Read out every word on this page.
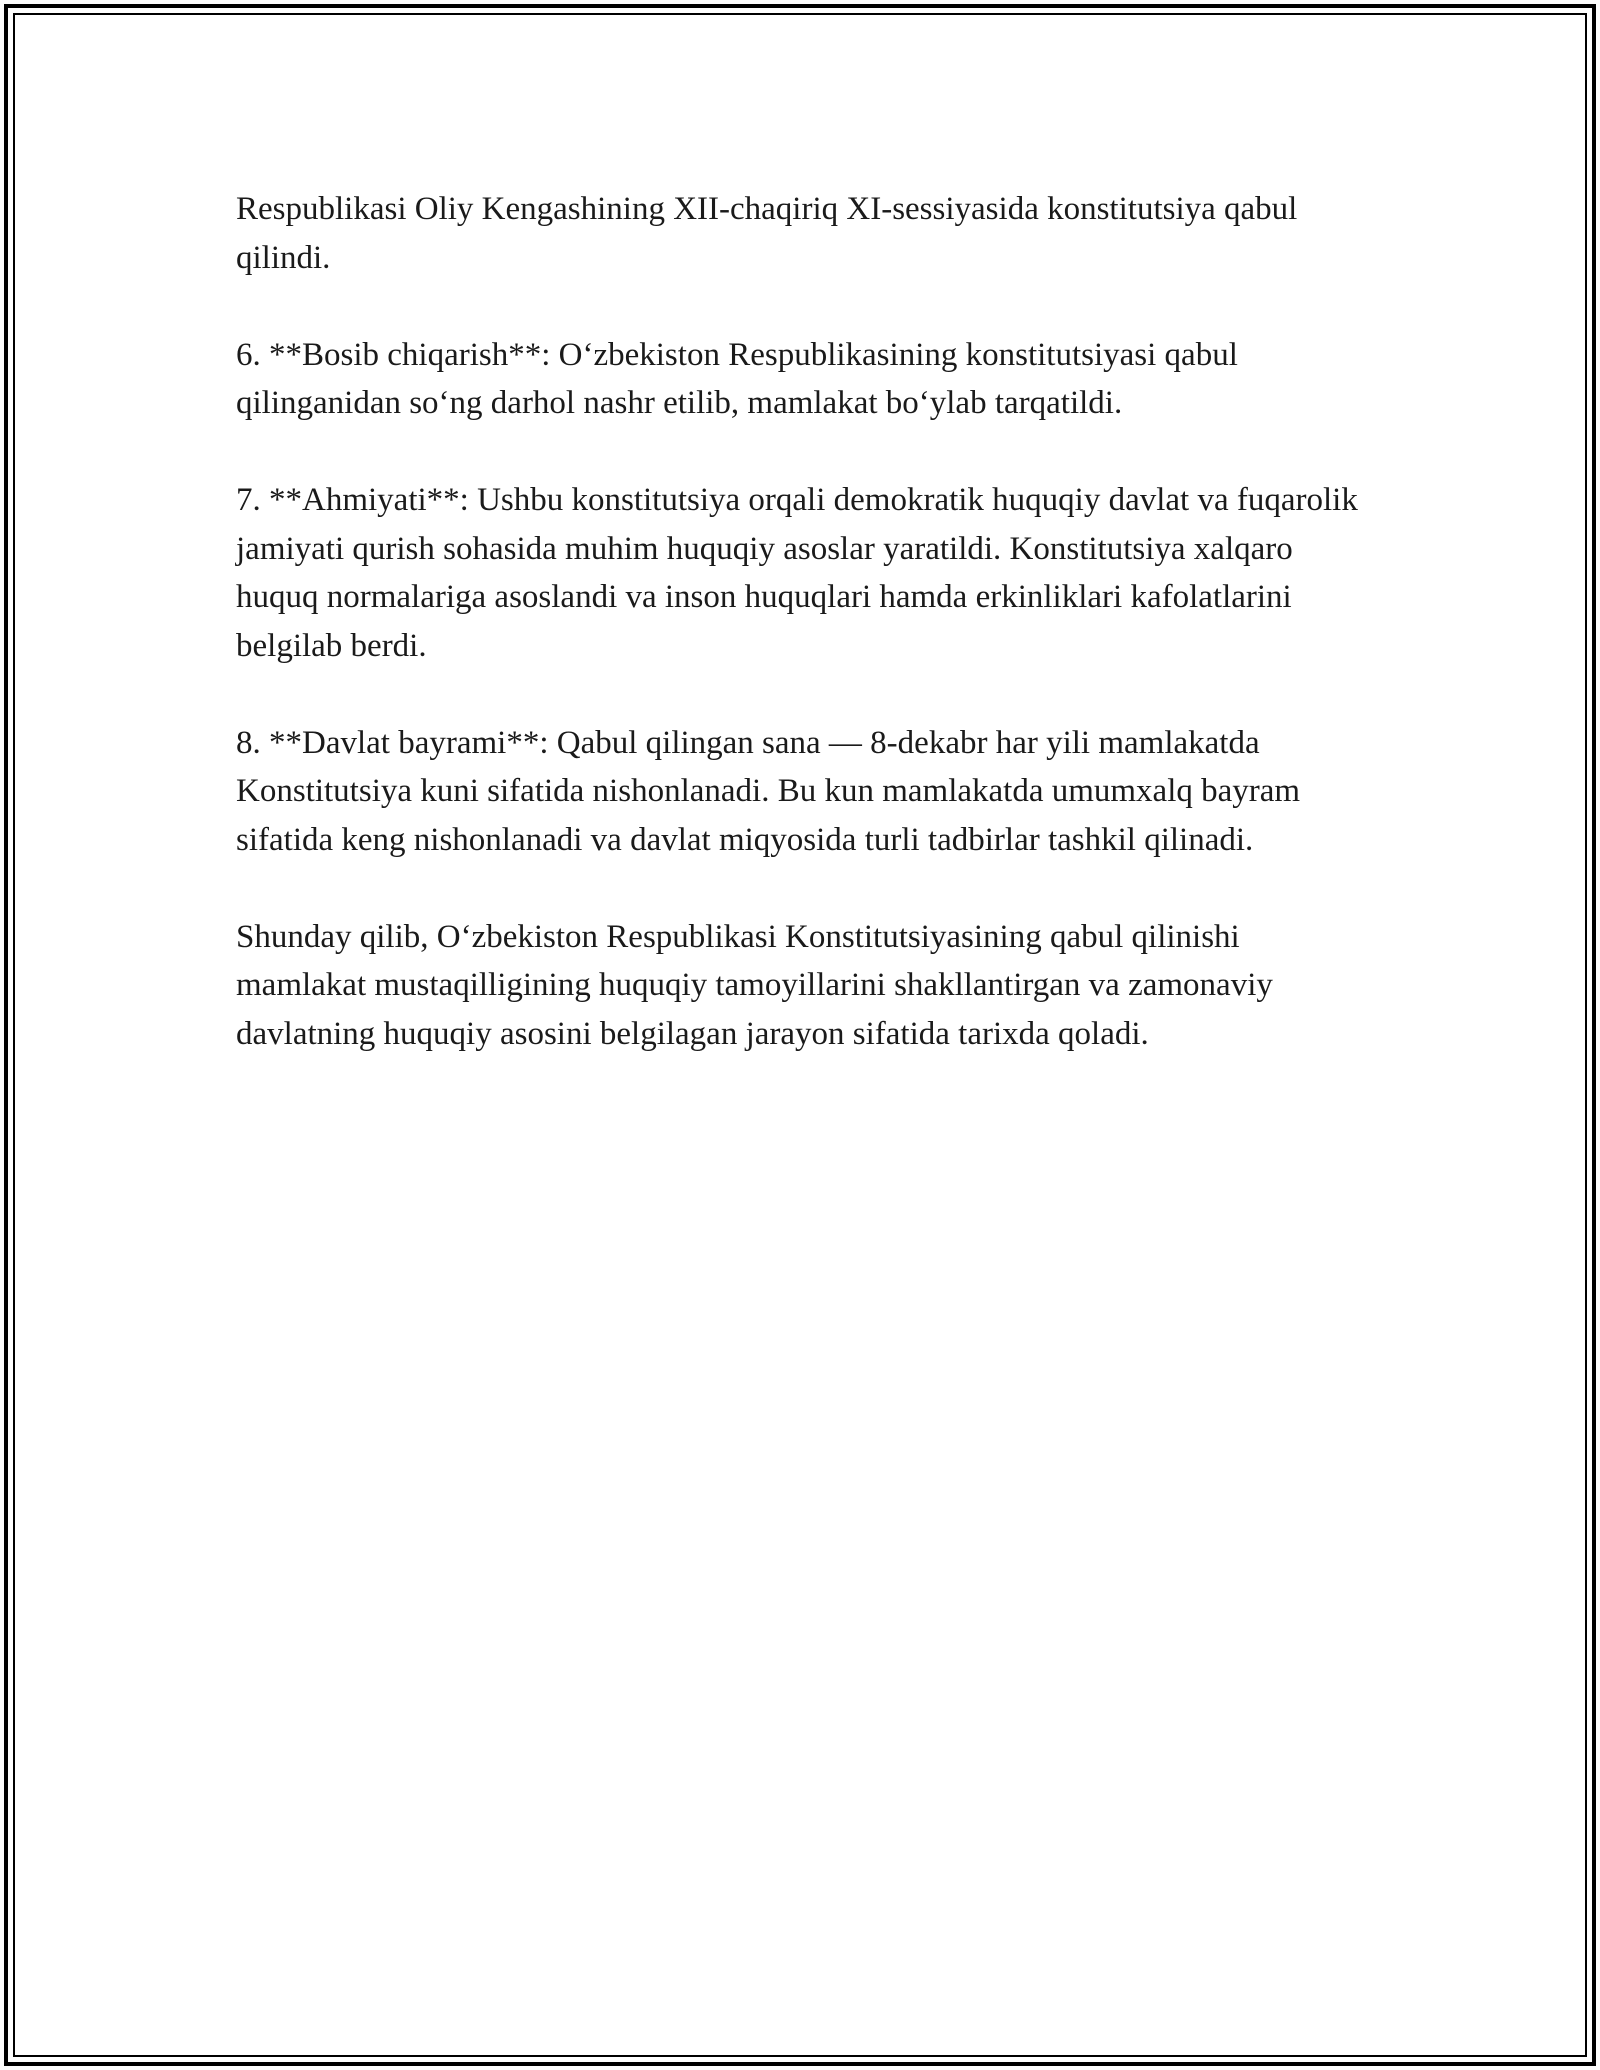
Respublikasi Oliy Kengashining XII-chaqiriq XI-sessiyasida konstitutsiya qabul qilindi.

6. **Bosib chiqarish**: O‘zbekiston Respublikasining konstitutsiyasi qabul qilinganidan so‘ng darhol nashr etilib, mamlakat bo‘ylab tarqatildi.

7. **Ahmiyati**: Ushbu konstitutsiya orqali demokratik huquqiy davlat va fuqarolik jamiyati qurish sohasida muhim huquqiy asoslar yaratildi. Konstitutsiya xalqaro huquq normalariga asoslandi va inson huquqlari hamda erkinliklari kafolatlarini belgilab berdi.

8. **Davlat bayrami**: Qabul qilingan sana — 8-dekabr har yili mamlakatda Konstitutsiya kuni sifatida nishonlanadi. Bu kun mamlakatda umumxalq bayram sifatida keng nishonlanadi va davlat miqyosida turli tadbirlar tashkil qilinadi.

Shunday qilib, O‘zbekiston Respublikasi Konstitutsiyasining qabul qilinishi mamlakat mustaqilligining huquqiy tamoyillarini shakllantirgan va zamonaviy davlatning huquqiy asosini belgilagan jarayon sifatida tarixda qoladi.
